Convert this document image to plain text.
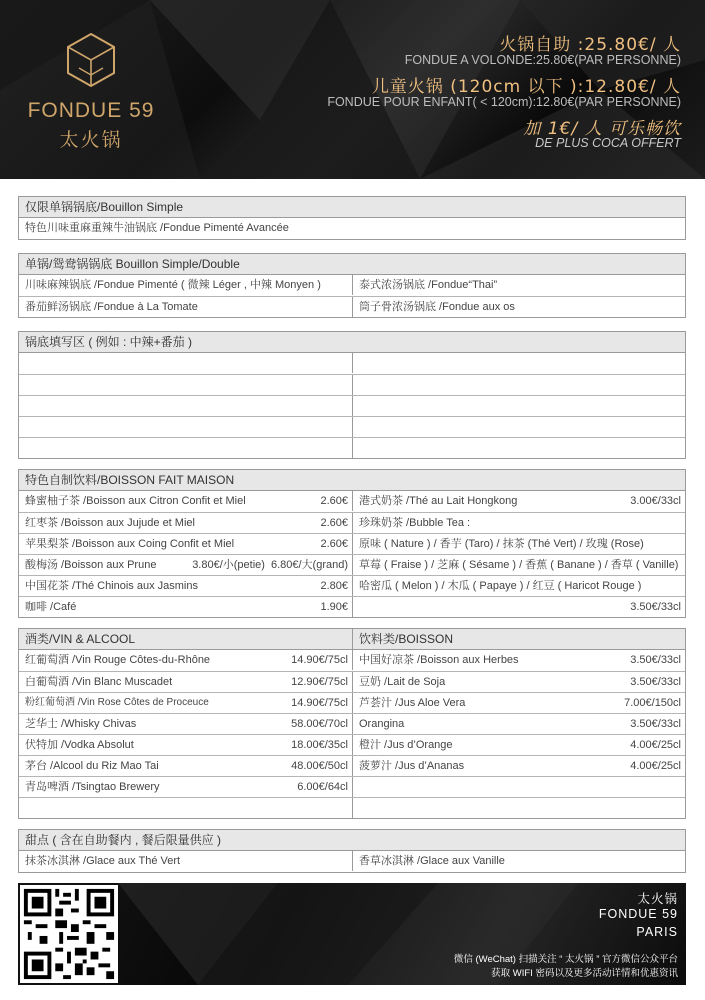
FONDUE 59
太火锅
火锅自助 :25.80€/ 人
FONDUE A VOLONDE:25.80€(PAR PERSONNE)
儿童火锅 (120cm 以下 ):12.80€/ 人
FONDUE POUR ENFANT( < 120cm):12.80€(PAR PERSONNE)
加 1€/ 人 可乐畅饮
DE PLUS COCA OFFERT
仅限单锅锅底/Bouillon Simple
特色川味重麻重辣牛油锅底 /Fondue Pimenté Avancée
单锅/鸳鸯锅锅底 Bouillon Simple/Double
川味麻辣锅底 /Fondue Pimenté ( 微辣 Léger , 中辣 Monyen )	泰式浓汤锅底 /Fondue“Thai”
番茄鲜汤锅底 /Fondue à La Tomate	筒子骨浓汤锅底 /Fondue aux os
锅底填写区 ( 例如 : 中辣+番茄 )
特色自制饮料/BOISSON FAIT MAISON
蜂蜜柚子茶 /Boisson aux Citron Confit et Miel	2.60€ 港式奶茶 /Thé au Lait Hongkong	3.00€/33cl
红枣茶 /Boisson aux Jujude et Miel	2.60€ 珍珠奶茶 /Bubble Tea :
苹果梨茶 /Boisson aux Coing Confit et Miel	2.60€ 原味 ( Nature ) / 香芋 (Taro) / 抹茶 (Thé Vert) / 玫瑰 (Rose)
酸梅汤 /Boisson aux Prune	3.80€/小(petie) 6.80€/大(grand) 草莓 ( Fraise ) / 芝麻 ( Sésame ) / 香蕉 ( Banane ) / 香草 ( Vanille)
中国花茶 /Thé Chinois aux Jasmins	2.80€ 哈密瓜 ( Melon ) / 木瓜 ( Papaye ) / 红豆 ( Haricot Rouge )
咖啡 /Café	1.90€	3.50€/33cl
酒类/VIN & ALCOOL	饮料类/BOISSON
红葡萄酒 /Vin Rouge Côtes-du-Rhône	14.90€/75cl 中国好凉茶 /Boisson aux Herbes	3.50€/33cl
白葡萄酒 /Vin Blanc Muscadet	12.90€/75cl 豆奶 /Lait de Soja	3.50€/33cl
粉红葡萄酒 /Vin Rose Côtes de Proceuce	14.90€/75cl 芦荟汁 /Jus Aloe Vera	7.00€/150cl
芝华士 /Whisky Chivas	58.00€/70cl Orangina	3.50€/33cl
伏特加 /Vodka Absolut	18.00€/35cl 橙汁 /Jus d’Orange	4.00€/25cl
茅台 /Alcool du Riz Mao Tai	48.00€/50cl 菠萝汁 /Jus d’Ananas	4.00€/25cl
青岛啤酒 /Tsingtao Brewery	6.00€/64cl
甜点 ( 含在自助餐内 , 餐后限量供应 )
抹茶冰淇淋 /Glace aux Thé Vert	香草冰淇淋 /Glace aux Vanille
太火锅
FONDUE 59
PARIS
微信 (WeChat) 扫描关注 “ 太火锅 ” 官方微信公众平台
获取 WIFI 密码以及更多活动详情和优惠资讯
